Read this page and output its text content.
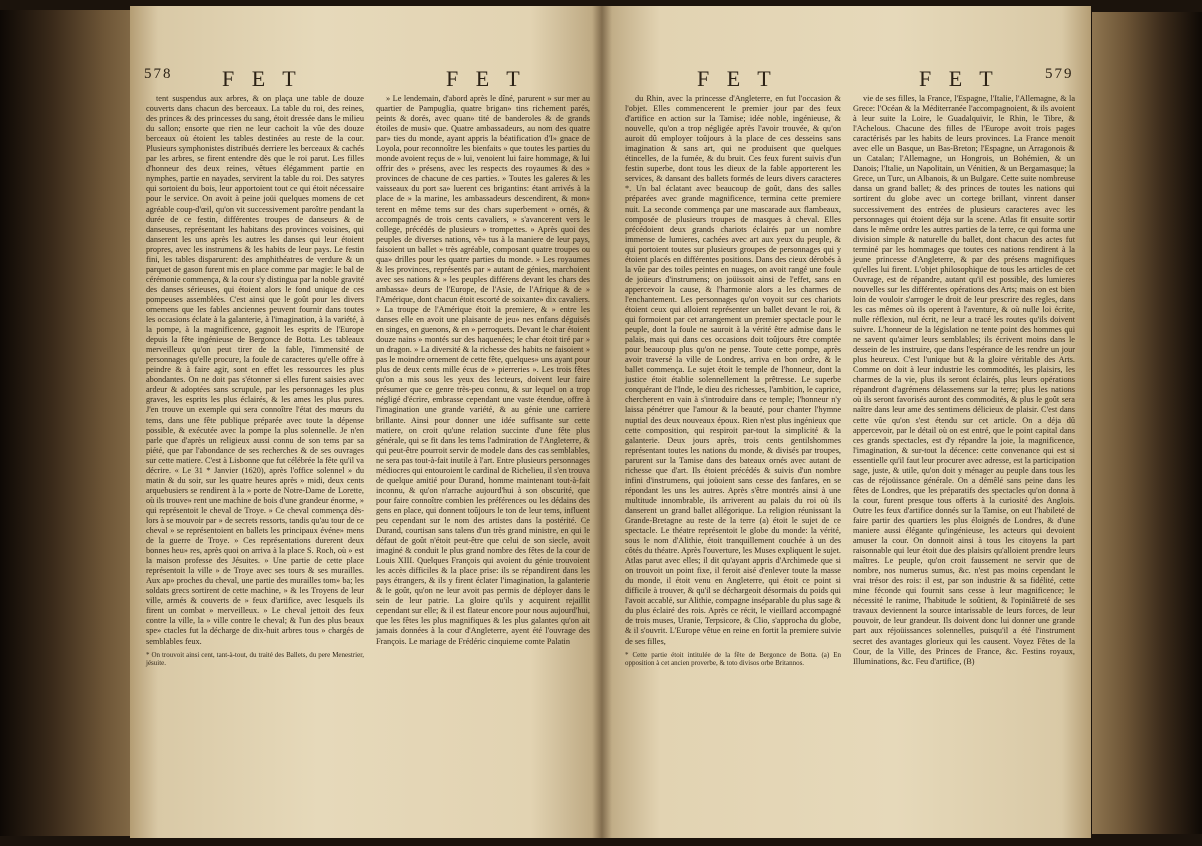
578 F E T	F E T

tent suspendus aux arbres, & on plaça une table de douze couverts dans chacun des berceaux. La table du roi, des reines, des princes & des princesses du sang, étoit dressée dans le milieu du sallon; ensorte que rien ne leur cachoit la vûe des douze berceaux où étoient les tables destinées au reste de la cour. Plusieurs symphonistes distribués derriere les berceaux & cachés par les arbres, se firent entendre dès que le roi parut. Les filles d'honneur des deux reines, vêtues élégamment partie en nymphes, partie en nayades, servirent la table du roi. Des satyres qui sortoient du bois, leur apportoient tout ce qui étoit nécessaire pour le service. On avoit à peine joüi quelques momens de cet agréable coup-d'œil, qu'on vit successivement paroître pendant la durée de ce festin, différentes troupes de danseurs & de danseuses, représentant les habitans des provinces voisines, qui danserent les uns après les autres les danses qui leur étoient propres, avec les instrumens & les habits de leur pays. Le festin fini, les tables disparurent: des amphithéatres de verdure & un parquet de gason furent mis en place comme par magie: le bal de cérémonie commença, & la cour s'y distingua par la noble gravité des danses sérieuses, qui étoient alors le fond unique de ces pompeuses assemblées. C'est ainsi que le goût pour les divers ornemens que les fables anciennes peuvent fournir dans toutes les occasions éclate à la galanterie, à l'imagination, à la variété, à la pompe, à la magnificence, gagnoit les esprits de l'Europe depuis la fête ingénieuse de Bergonce de Botta. Les tableaux merveilleux qu'on peut tirer de la fable, l'immensité de personnages qu'elle procure, la foule de caracteres qu'elle offre à peindre & à faire agir, sont en effet les ressources les plus abondantes. On ne doit pas s'étonner si elles furent saisies avec ardeur & adoptées sans scrupule, par les personnages les plus graves, les esprits les plus éclairés, & les ames les plus pures. J'en trouve un exemple qui sera connoître l'état des mœurs du tems, dans une fête publique préparée avec toute la dépense possible, & exécutée avec la pompe la plus solennelle. Je n'en parle que d'après un religieux aussi connu de son tems par sa piété, que par l'abondance de ses recherches & de ses ouvrages sur cette matiere. C'est à Lisbonne que fut célébrée la fête qu'il va décrire. « Le 31 * Janvier (1620), après l'office solennel » du matin & du soir, sur les quatre heures après » midi, deux cents arquebusiers se rendirent à la » porte de Notre-Dame de Lorette, où ils trouve» rent une machine de bois d'une grandeur énorme, » qui représentoit le cheval de Troye. » Ce cheval commença dès-lors à se mouvoir par » de secrets ressorts, tandis qu'au tour de ce cheval » se représentoient en ballets les principaux événe» mens de la guerre de Troye. » Ces représentations durerent deux bonnes heu» res, après quoi on arriva à la place S. Roch, où » est la maison professe des Jésuites. » Une partie de cette place représentoit la ville » de Troye avec ses tours & ses murailles. Aux ap» proches du cheval, une partie des murailles tom» ba; les soldats grecs sortirent de cette machine, » & les Troyens de leur ville, armés & couverts de » feux d'artifice, avec lesquels ils firent un combat » merveilleux. » Le cheval jettoit des feux contre la ville, la » ville contre le cheval; & l'un des plus beaux spe» ctacles fut la décharge de dix-huit arbres tous » chargés de semblables feux.

* On trouvoit ainsi cent, tant-à-tout, du traité des Ballets, du pere Menestrier, jésuite.

» Le lendemain, d'abord après le dîné, parurent » sur mer au quartier de Pampuglia, quatre brigan» tins richement parés, peints & dorés, avec quan» tité de banderoles & de grands étoiles de musi» que. Quatre ambassadeurs, au nom des quatre par» ties du monde, ayant appris la béatification d'I» gnace de Loyola, pour reconnoître les bienfaits » que toutes les parties du monde avoient reçus de » lui, venoient lui faire hommage, & lui offrir des » présens, avec les respects des royaumes & des » provinces de chacune de ces parties. » Toutes les galeres & les vaisseaux du port sa» luerent ces brigantins: étant arrivés à la place de » la marine, les ambassadeurs descendirent, & mon» terent en même tems sur des chars superbement » ornés, & accompagnés de trois cents cavaliers, » s'avancerent vers le college, précédés de plusieurs » trompettes. » Après quoi des peuples de diverses nations, vê» tus à la maniere de leur pays, faisoient un ballet » très agréable, composant quatre troupes ou qua» drilles pour les quatre parties du monde. » Les royaumes & les provinces, représentés par » autant de génies, marchoient avec ses nations & » les peuples différens devant les chars des ambassa» deurs de l'Europe, de l'Asie, de l'Afrique & de » l'Amérique, dont chacun étoit escorté de soixante» dix cavaliers. » La troupe de l'Amérique étoit la premiere, & » entre les danses elle en avoit une plaisante de jeu» nes enfans déguisés en singes, en guenons, & en » perroquets. Devant le char étoient douze nains » montés sur des haquenées; le char étoit tiré par » un dragon. » La diversité & la richesse des habits ne faisoient » pas le moindre ornement de cette fête, quelques» uns ayant pour plus de deux cents mille écus de » pierreries ». Les trois fêtes qu'on a mis sous les yeux des lecteurs, doivent leur faire présumer que ce genre très-peu connu, & sur lequel on a trop négligé d'écrire, embrasse cependant une vaste étendue, offre à l'imagination une grande variété, & au génie une carriere brillante. Ainsi pour donner une idée suffisante sur cette matiere, on croit qu'une relation succinte d'une fête plus générale, qui se fit dans les tems l'admiration de l'Angleterre, & qui peut-être pourroit servir de modele dans des cas semblables, ne sera pas tout-à-fait inutile à l'art. Entre plusieurs personnages médiocres qui entouroient le cardinal de Richelieu, il s'en trouva de quelque amitié pour Durand, homme maintenant tout-à-fait inconnu, & qu'on n'arrache aujourd'hui à son obscurité, que pour faire connoître combien les préférences ou les dédains des gens en place, qui donnent toûjours le ton de leur tems, influent peu cependant sur le nom des artistes dans la postérité. Ce Durand, courtisan sans talens d'un très grand ministre, en qui le défaut de goût n'étoit peut-être que celui de son siecle, avoit imaginé & conduit le plus grand nombre des fêtes de la cour de Louis XIII. Quelques François qui avoient du génie trouvoient les accès difficiles & la place prise: ils se répandirent dans les pays étrangers, & ils y firent éclater l'imagination, la galanterie & le goût, qu'on ne leur avoit pas permis de déployer dans le sein de leur patrie. La gloire qu'ils y acquirent rejaillit cependant sur elle; & il est flateur encore pour nous aujourd'hui, que les fêtes les plus magnifiques & les plus galantes qu'on ait jamais données à la cour d'Angleterre, ayent été l'ouvrage des François. Le mariage de Frédéric cinquieme comte Palatin

F E T	F E T	579

du Rhin, avec la princesse d'Angleterre, en fut l'occasion & l'objet. Elles commencerent le premier jour par des feux d'artifice en action sur la Tamise; idée noble, ingénieuse, & nouvelle, qu'on a trop négligée après l'avoir trouvée, & qu'on auroit dû employer toûjours à la place de ces desseins sans imagination & sans art, qui ne produisent que quelques étincelles, de la fumée, & du bruit. Ces feux furent suivis d'un festin superbe, dont tous les dieux de la fable apporterent les services, & dansant des ballets formés de leurs divers caracteres *. Un bal éclatant avec beaucoup de goût, dans des salles préparées avec grande magnificence, termina cette premiere nuit. La seconde commença par une mascarade aux flambeaux, composée de plusieurs troupes de masques à cheval. Elles précédoient deux grands chariots éclairés par un nombre immense de lumieres, cachées avec art aux yeux du peuple, & qui portoient toutes sur plusieurs groupes de personnages qui y étoient placés en différentes positions. Dans des cieux dérobés à la vûe par des toiles peintes en nuages, on avoit rangé une foule de joüeurs d'instrumens; on joüissoit ainsi de l'effet, sans en appercevoir la cause, & l'harmonie alors a les charmes de l'enchantement. Les personnages qu'on voyoit sur ces chariots étoient ceux qui alloient représenter un ballet devant le roi, & qui formoient par cet arrangement un premier spectacle pour le peuple, dont la foule ne sauroit à la vérité être admise dans le palais, mais qui dans ces occasions doit toûjours être comptée pour beaucoup plus qu'on ne pense. Toute cette pompe, après avoir traversé la ville de Londres, arriva en bon ordre, & le ballet commença. Le sujet étoit le temple de l'honneur, dont la justice étoit établie solennellement la prêtresse. Le superbe conquérant de l'Inde, le dieu des richesses, l'ambition, le caprice, chercherent en vain à s'introduire dans ce temple; l'honneur n'y laissa pénétrer que l'amour & la beauté, pour chanter l'hymne nuptial des deux nouveaux époux. Rien n'est plus ingénieux que cette composition, qui respiroit par-tout la simplicité & la galanterie. Deux jours après, trois cents gentilshommes représentant toutes les nations du monde, & divisés par troupes, parurent sur la Tamise dans des bateaux ornés avec autant de richesse que d'art. Ils étoient précédés & suivis d'un nombre infini d'instrumens, qui joüoient sans cesse des fanfares, en se répondant les uns les autres. Après s'être montrés ainsi à une multitude innombrable, ils arriverent au palais du roi où ils danserent un grand ballet allégorique. La religion réunissant la Grande-Bretagne au reste de la terre (a) étoit le sujet de ce spectacle. Le théatre représentoit le globe du monde: la vérité, sous le nom d'Alithie, étoit tranquillement couchée à un des côtés du théatre. Après l'ouverture, les Muses expliquent le sujet. Atlas parut avec elles; il dit qu'ayant appris d'Archimede que si on trouvoit un point fixe, il feroit aisé d'enlever toute la masse du monde, il étoit venu en Angleterre, qui étoit ce point si difficile à trouver, & qu'il se déchargeoit désormais du poids qui l'avoit accablé, sur Alithie, compagne inséparable du plus sage & du plus éclairé des rois. Après ce récit, le vieillard accompagné de trois muses, Uranie, Terpsicore, & Clio, s'approcha du globe, & il s'ouvrit. L'Europe vêtue en reine en fortit la premiere suivie de ses filles,

* Cette partie étoit intitulée de la fête de Bergonce de Botta. (a) En opposition à cet ancien proverbe, & toto divisos orbe Britannos.

vie de ses filles, la France, l'Espagne, l'Italie, l'Allemagne, & la Grece: l'Océan & la Méditerranée l'accompagnoient, & ils avoient à leur suite la Loire, le Guadalquivir, le Rhin, le Tibre, & l'Achelous. Chacune des filles de l'Europe avoit trois pages caractérisés par les habits de leurs provinces. La France menoit avec elle un Basque, un Bas-Breton; l'Espagne, un Arragonois & un Catalan; l'Allemagne, un Hongrois, un Bohémien, & un Danois; l'Italie, un Napolitain, un Vénitien, & un Bergamasque; la Grece, un Turc, un Albanois, & un Bulgare. Cette suite nombreuse dansa un grand ballet; & des princes de toutes les nations qui sortirent du globe avec un cortege brillant, vinrent danser successivement des entrées de plusieurs caracteres avec les personnages qui étoient déja sur la scene. Atlas fit ensuite sortir dans le même ordre les autres parties de la terre, ce qui forma une division simple & naturelle du ballet, dont chacun des actes fut terminé par les hommages que toutes ces nations rendirent à la jeune princesse d'Angleterre, & par des présens magnifiques qu'elles lui firent. L'objet philosophique de tous les articles de cet Ouvrage, est de répandre, autant qu'il est possible, des lumieres nouvelles sur les différentes opérations des Arts; mais on est bien loin de vouloir s'arroger le droit de leur prescrire des regles, dans les cas mêmes où ils operent à l'aventure, & où nulle loi écrite, nulle réflexion, nul écrit, ne leur a tracé les routes qu'ils doivent suivre. L'honneur de la législation ne tente point des hommes qui ne savent qu'aimer leurs semblables; ils écrivent moins dans le dessein de les instruire, que dans l'espérance de les rendre un jour plus heureux. C'est l'unique but & la gloire véritable des Arts. Comme on doit à leur industrie les commodités, les plaisirs, les charmes de la vie, plus ils seront éclairés, plus leurs opérations répandront d'agrémens délassemens sur la terre; plus les nations où ils seront favorisés auront des commodités, & plus le goût sera naître dans leur ame des sentimens délicieux de plaisir. C'est dans cette vûe qu'on s'est étendu sur cet article. On a déja dû appercevoir, par le détail où on est entré, que le point capital dans ces grands spectacles, est d'y répandre la joie, la magnificence, l'imagination, & sur-tout la décence: cette convenance qui est si essentielle qu'il faut leur procurer avec adresse, est la participation sage, juste, & utile, qu'on doit y ménager au peuple dans tous les cas de réjoüissance générale. On a démêlé sans peine dans les fêtes de Londres, que les préparatifs des spectacles qu'on donna à la cour, furent presque tous offerts à la curiosité des Anglois. Outre les feux d'artifice donnés sur la Tamise, on eut l'habileté de faire partir des quartiers les plus éloignés de Londres, & d'une maniere aussi élégante qu'ingénieuse, les acteurs qui devoient amuser la cour. On donnoit ainsi à tous les citoyens la part raisonnable qui leur étoit due des plaisirs qu'alloient prendre leurs maîtres. Le peuple, qu'on croit faussement ne servir que de nombre, nos numerus sumus, &c. n'est pas moins cependant le vrai trésor des rois: il est, par son industrie & sa fidélité, cette mine féconde qui fournit sans cesse à leur magnificence; le nécessité le ranime, l'habitude le soûtient, & l'opiniâtreté de ses travaux deviennent la source intarissable de leurs forces, de leur pouvoir, de leur grandeur. Ils doivent donc lui donner une grande part aux réjoüissances solennelles, puisqu'il a été l'instrument secret des avantages glorieux qui les causent. Voyez Fêtes de la Cour, de la Ville, des Princes de France, &c. Festins royaux, Illuminations, &c. Feu d'artifice, (B)
